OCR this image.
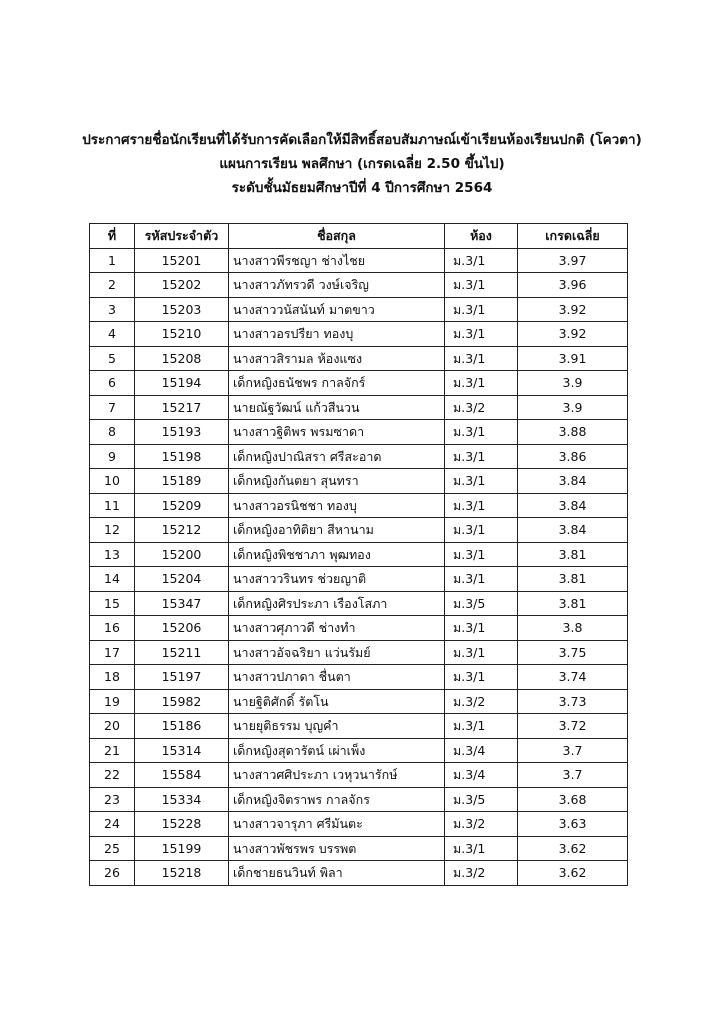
ประกาศรายชื่อนักเรียนที่ได้รับการคัดเลือกให้มีสิทธิ์สอบสัมภาษณ์เข้าเรียนห้องเรียนปกติ (โควตา)
แผนการเรียน พลศึกษา (เกรดเฉลี่ย 2.50 ขึ้นไป)
ระดับชั้นมัธยมศึกษาปีที่ 4 ปีการศึกษา 2564
ที่	รหัสประจำตัว	ชื่อสกุล	ห้อง	เกรดเฉลี่ย
1	15201	นางสาวพีรชญา ช่างไชย	ม.3/1	3.97
2	15202	นางสาวภัทรวดี วงษ์เจริญ	ม.3/1	3.96
3	15203	นางสาววนัสนันท์ มาตขาว	ม.3/1	3.92
4	15210	นางสาวอรปรียา ทองบุ	ม.3/1	3.92
5	15208	นางสาวสิรามล ห้องแซง	ม.3/1	3.91
6	15194	เด็กหญิงธนัชพร กาลจักร์	ม.3/1	3.9
7	15217	นายณัฐวัฒน์ แก้วสีนวน	ม.3/2	3.9
8	15193	นางสาวฐิติพร พรมซาดา	ม.3/1	3.88
9	15198	เด็กหญิงปาณิสรา ศรีสะอาด	ม.3/1	3.86
10	15189	เด็กหญิงกันตยา สุนทรา	ม.3/1	3.84
11	15209	นางสาวอรนิชชา ทองบุ	ม.3/1	3.84
12	15212	เด็กหญิงอาทิติยา สีหานาม	ม.3/1	3.84
13	15200	เด็กหญิงพิชชาภา พุฒทอง	ม.3/1	3.81
14	15204	นางสาววรินทร ช่วยญาติ	ม.3/1	3.81
15	15347	เด็กหญิงศิรประภา เรืองโสภา	ม.3/5	3.81
16	15206	นางสาวศุภาวดี ช่างทำ	ม.3/1	3.8
17	15211	นางสาวอัจฉริยา แว่นรัมย์	ม.3/1	3.75
18	15197	นางสาวปภาดา ชื่นตา	ม.3/1	3.74
19	15982	นายฐิติศักดิ์ รัตโน	ม.3/2	3.73
20	15186	นายยุติธรรม บุญคำ	ม.3/1	3.72
21	15314	เด็กหญิงสุดารัตน์ เผ่าเพ็ง	ม.3/4	3.7
22	15584	นางสาวศศิประภา เวหุวนารักษ์	ม.3/4	3.7
23	15334	เด็กหญิงจิตราพร กาลจักร	ม.3/5	3.68
24	15228	นางสาวจารุภา ศรีมันตะ	ม.3/2	3.63
25	15199	นางสาวพัชรพร บรรพต	ม.3/1	3.62
26	15218	เด็กชายธนวินท์ พิลา	ม.3/2	3.62
